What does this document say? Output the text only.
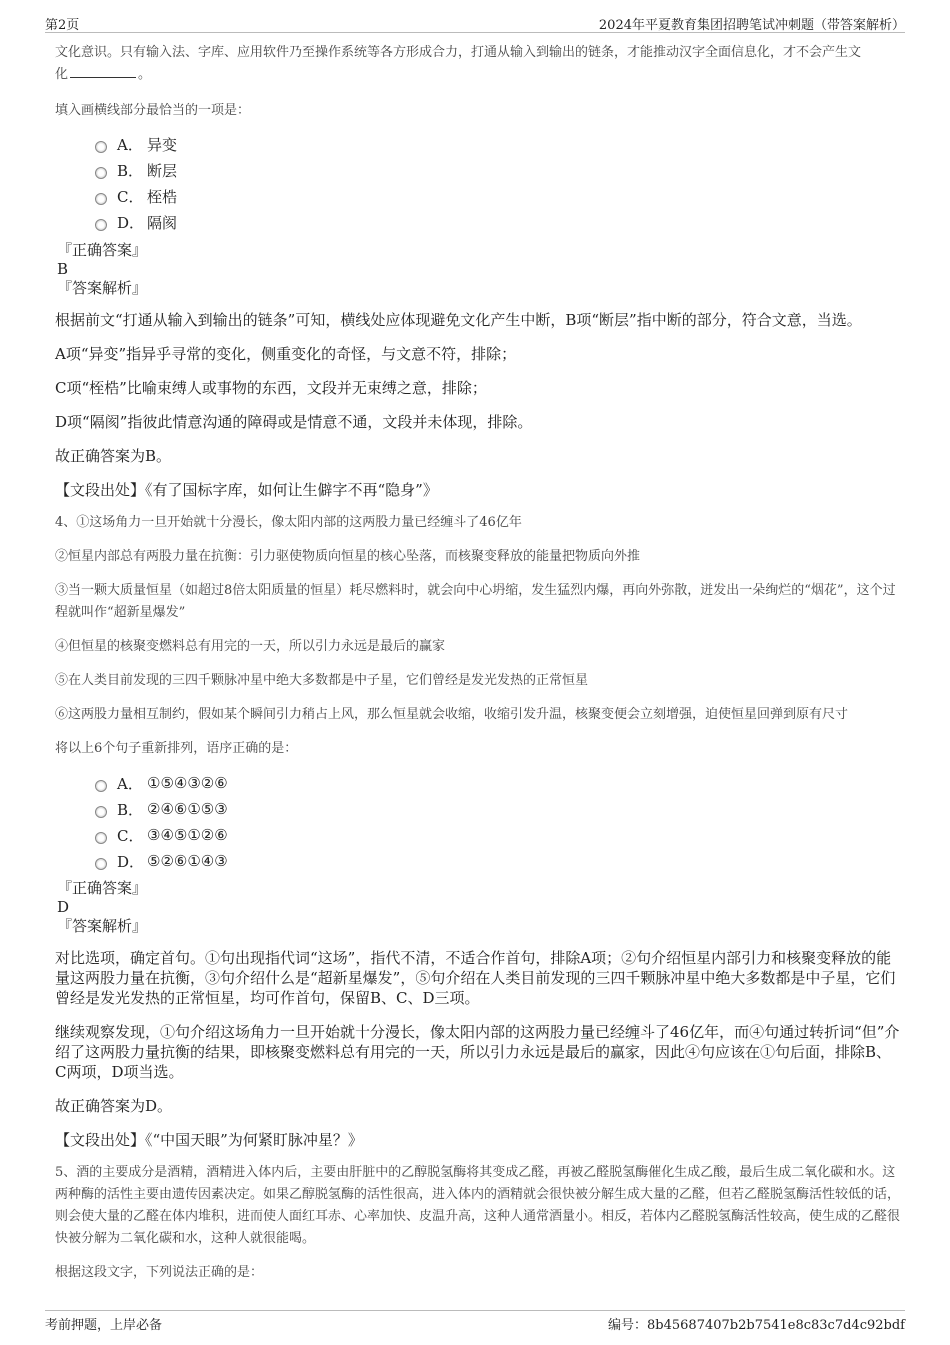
第2页	2024年平夏教育集团招聘笔试冲刺题（带答案解析）

文化意识。只有输入法、字库、应用软件乃至操作系统等各方形成合力，打通从输入到输出的链条，才能推动汉字全面信息化，才不会产生文
化	。

填入画横线部分最恰当的一项是：

A． 异变
B． 断层
C． 桎梏
D． 隔阂

『正确答案』

B

『答案解析』

根据前文“打通从输入到输出的链条”可知，横线处应体现避免文化产生中断，B项“断层”指中断的部分，符合文意，当选。

A项“异变”指异乎寻常的变化，侧重变化的奇怪，与文意不符，排除；

C项“桎梏”比喻束缚人或事物的东西，文段并无束缚之意，排除；

D项“隔阂”指彼此情意沟通的障碍或是情意不通，文段并未体现，排除。

故正确答案为B。

【文段出处】《有了国标字库，如何让生僻字不再“隐身”》

4、①这场角力一旦开始就十分漫长，像太阳内部的这两股力量已经缠斗了46亿年

②恒星内部总有两股力量在抗衡：引力驱使物质向恒星的核心坠落，而核聚变释放的能量把物质向外推

③当一颗大质量恒星（如超过8倍太阳质量的恒星）耗尽燃料时，就会向中心坍缩，发生猛烈内爆，再向外弥散，迸发出一朵绚烂的“烟花”，这个过程就叫作“超新星爆发”

④但恒星的核聚变燃料总有用完的一天，所以引力永远是最后的赢家

⑤在人类目前发现的三四千颗脉冲星中绝大多数都是中子星，它们曾经是发光发热的正常恒星

⑥这两股力量相互制约，假如某个瞬间引力稍占上风，那么恒星就会收缩，收缩引发升温，核聚变便会立刻增强，迫使恒星回弹到原有尺寸

将以上6个句子重新排列，语序正确的是：

A． ①⑤④③②⑥
B． ②④⑥①⑤③
C． ③④⑤①②⑥
D． ⑤②⑥①④③

『正确答案』

D

『答案解析』

对比选项，确定首句。①句出现指代词“这场”，指代不清，不适合作首句，排除A项；②句介绍恒星内部引力和核聚变释放的能量这两股力量在抗衡，③句介绍什么是“超新星爆发”，⑤句介绍在人类目前发现的三四千颗脉冲星中绝大多数都是中子星，它们曾经是发光发热的正常恒星，均可作首句，保留B、C、D三项。

继续观察发现，①句介绍这场角力一旦开始就十分漫长，像太阳内部的这两股力量已经缠斗了46亿年，而④句通过转折词“但”介绍了这两股力量抗衡的结果，即核聚变燃料总有用完的一天，所以引力永远是最后的赢家，因此④句应该在①句后面，排除B、C两项，D项当选。

故正确答案为D。

【文段出处】《“中国天眼”为何紧盯脉冲星？》

5、酒的主要成分是酒精，酒精进入体内后，主要由肝脏中的乙醇脱氢酶将其变成乙醛，再被乙醛脱氢酶催化生成乙酸，最后生成二氧化碳和水。这两种酶的活性主要由遗传因素决定。如果乙醇脱氢酶的活性很高，进入体内的酒精就会很快被分解生成大量的乙醛，但若乙醛脱氢酶活性较低的话，则会使大量的乙醛在体内堆积，进而使人面红耳赤、心率加快、皮温升高，这种人通常酒量小。相反，若体内乙醛脱氢酶活性较高，使生成的乙醛很快被分解为二氧化碳和水，这种人就很能喝。

根据这段文字，下列说法正确的是：

考前押题，上岸必备	编号：8b45687407b2b7541e8c83c7d4c92bdf
